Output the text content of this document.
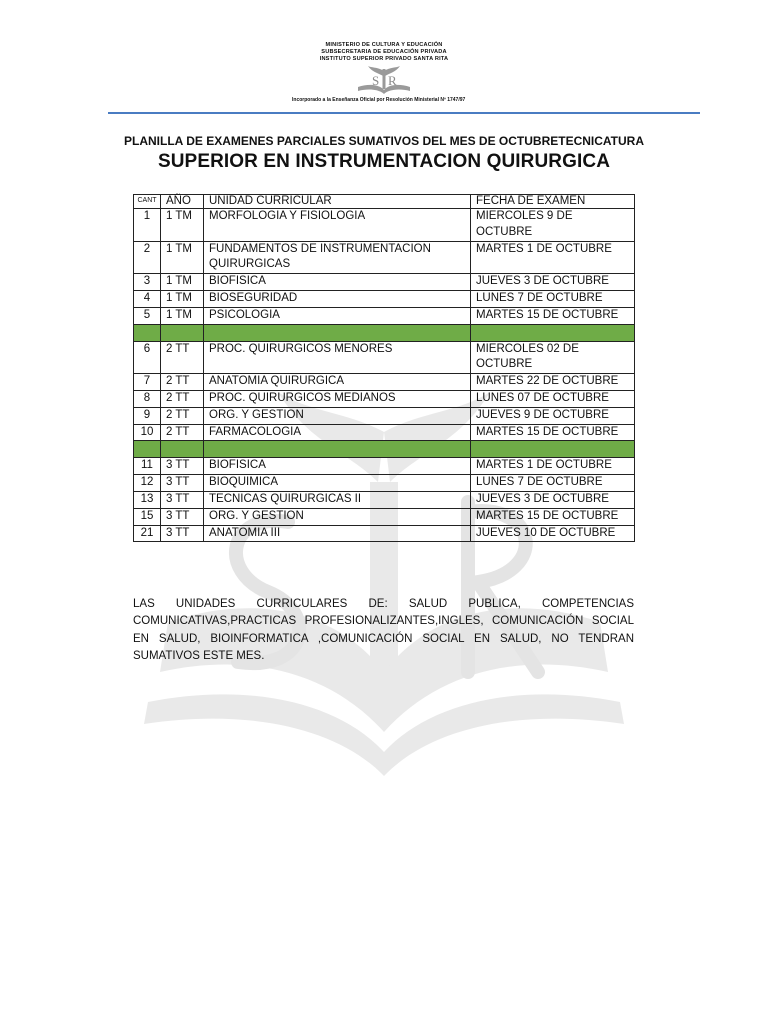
MINISTERIO DE CULTURA Y EDUCACIÓN
SUBSECRETARIA DE EDUCACIÓN PRIVADA
INSTITUTO SUPERIOR PRIVADO SANTA RITA
S R
Incorporado a la Enseñanza Oficial por Resolución Ministerial Nº 1747/97
PLANILLA DE EXAMENES PARCIALES SUMATIVOS DEL MES DE OCTUBRETECNICATURA
SUPERIOR EN INSTRUMENTACION QUIRURGICA
CANT	AÑO	UNIDAD CURRICULAR	FECHA DE EXAMEN
1	1 TM	MORFOLOGIA Y FISIOLOGIA	MIERCOLES 9 DE OCTUBRE
2	1 TM	FUNDAMENTOS DE INSTRUMENTACION QUIRURGICAS	MARTES 1 DE OCTUBRE
3	1 TM	BIOFISICA	JUEVES 3 DE OCTUBRE
4	1 TM	BIOSEGURIDAD	LUNES 7 DE OCTUBRE
5	1 TM	PSICOLOGIA	MARTES 15 DE OCTUBRE

6	2 TT	PROC. QUIRURGICOS MENORES	MIERCOLES 02 DE OCTUBRE
7	2 TT	ANATOMIA QUIRURGICA	MARTES 22 DE OCTUBRE
8	2 TT	PROC. QUIRURGICOS MEDIANOS	LUNES 07 DE OCTUBRE
9	2 TT	ORG. Y GESTION	JUEVES 9 DE OCTUBRE
10	2 TT	FARMACOLOGIA	MARTES 15 DE OCTUBRE

11	3 TT	BIOFISICA	MARTES 1 DE OCTUBRE
12	3 TT	BIOQUIMICA	LUNES 7 DE OCTUBRE
13	3 TT	TECNICAS QUIRURGICAS II	JUEVES 3 DE OCTUBRE
15	3 TT	ORG. Y GESTION	MARTES 15 DE OCTUBRE
21	3 TT	ANATOMIA III	JUEVES 10 DE OCTUBRE

LAS UNIDADES CURRICULARES DE: SALUD PUBLICA, COMPETENCIAS COMUNICATIVAS,PRACTICAS PROFESIONALIZANTES,INGLES, COMUNICACIÓN SOCIAL EN SALUD, BIOINFORMATICA ,COMUNICACIÓN SOCIAL EN SALUD, NO TENDRAN SUMATIVOS ESTE MES.
